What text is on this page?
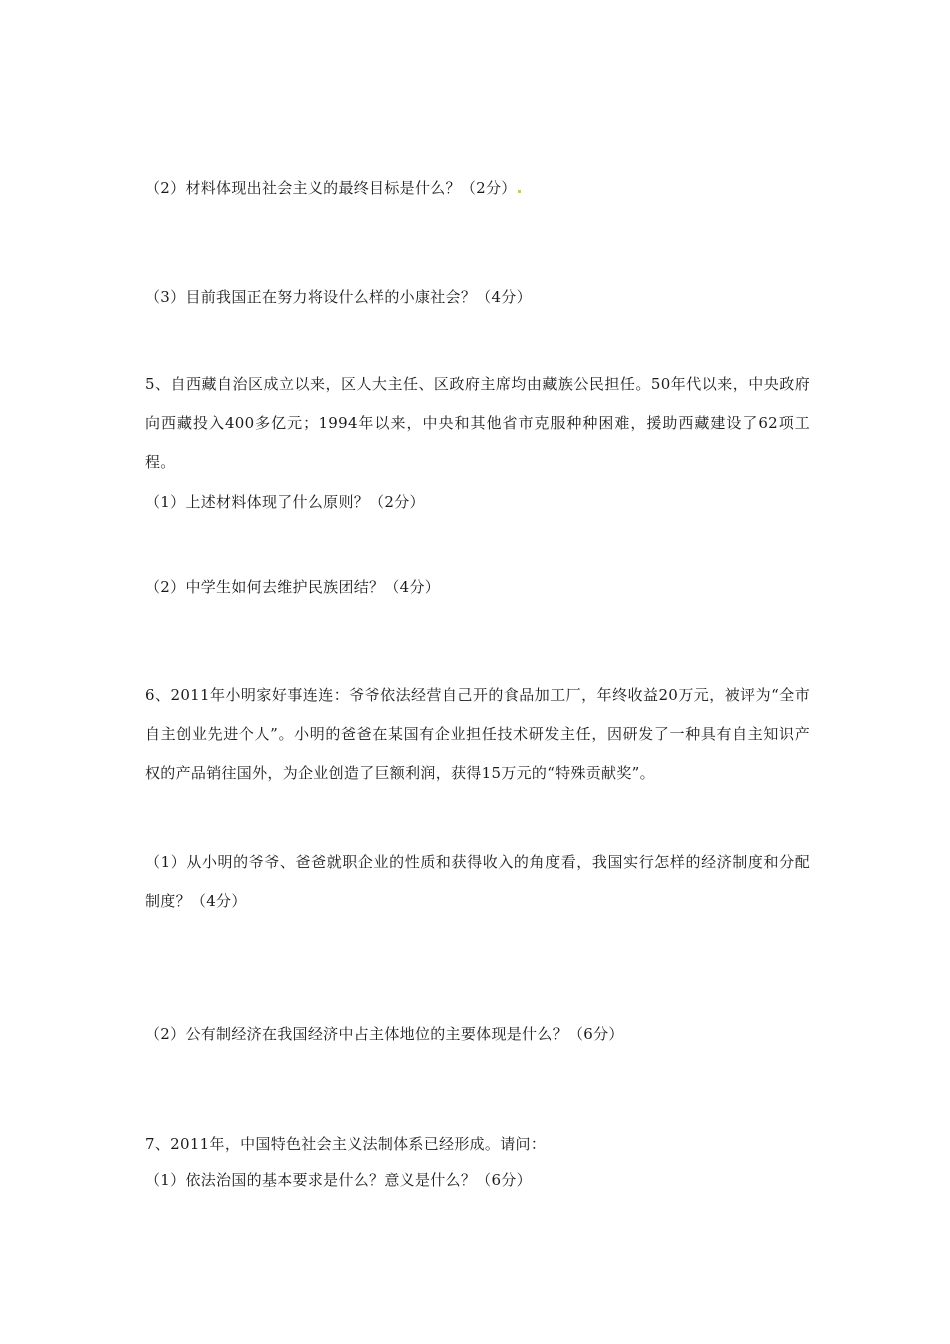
（2）材料体现出社会主义的最终目标是什么？（2分）
（3）目前我国正在努力将设什么样的小康社会？（4分）
5、自西藏自治区成立以来，区人大主任、区政府主席均由藏族公民担任。50年代以来，中央政府向西藏投入400多亿元；1994年以来，中央和其他省市克服种种困难，援助西藏建设了62项工程。
（1）上述材料体现了什么原则？（2分）
（2）中学生如何去维护民族团结？（4分）
6、2011年小明家好事连连：爷爷依法经营自己开的食品加工厂，年终收益20万元，被评为“全市自主创业先进个人”。小明的爸爸在某国有企业担任技术研发主任，因研发了一种具有自主知识产权的产品销往国外，为企业创造了巨额利润，获得15万元的“特殊贡献奖”。
（1）从小明的爷爷、爸爸就职企业的性质和获得收入的角度看，我国实行怎样的经济制度和分配制度？（4分）
（2）公有制经济在我国经济中占主体地位的主要体现是什么？（6分）
7、2011年，中国特色社会主义法制体系已经形成。请问：
（1）依法治国的基本要求是什么？意义是什么？（6分）
